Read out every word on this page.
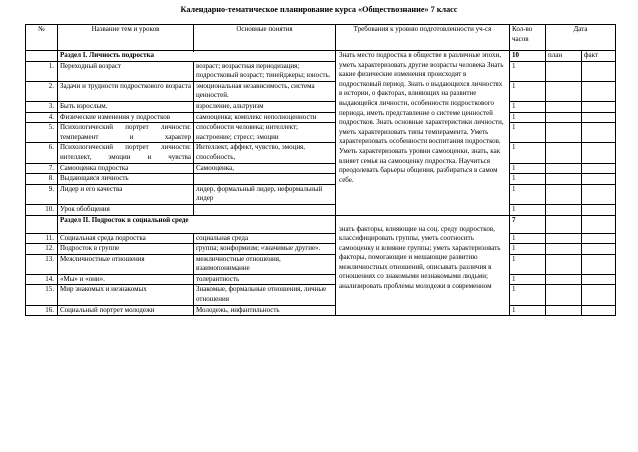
Календарно-тематическое планирование курса «Обществознание» 7 класс
№	Название тем и уроков	Основные понятия	Требования к уровню подготовленности уч-ся	Кол-во часов	Дата	

	Раздел I. Личность подростка		Знать место подростка в обществе в различные эпохи, уметь характеризовать другие возрасты человека Знать какие физические изменения происходят в подростковый период. Знать о выдающихся личностях в истории, о факторах, влияющих на развитие выдающейся личности, особенности подросткового периода, иметь представление о системе ценностей подростков. Знать основные характеристики личности, уметь характеризовать типы темперамента. Уметь характеризовать особенности воспитания подростков. Уметь характеризовать уровни самооценки, знать, как влияет семья на самооценку подростка. Научиться преодолевать барьеры общения, разбираться в самом себе.	10	план	факт
1.	Переходный возраст	возраст; возрастная периодизация; подростковый возраст; тинейджеры; юность.		1		
2.	Задачи и трудности подросткового возраста	эмоциональная независимость, система ценностей.		1		
3.	Быть взрослым.	взросление, альтруизм		1		
4.	Физические изменения у подростков	самооценка; комплекс неполноценности		1		
5.	Психологический портрет личности: темперамент и характер	способности человека; интеллект; настроение; стресс; эмоции		1		
6.	Психологический портрет личности: интеллект, эмоции и чувства	Интеллект, аффект, чувство, эмоция, способность,		1		
7.	Самооценка подростка	Самооценка,		1		
8.	Выдающаяся личность			1		
9.	Лидер и его качества	лидер, формальный лидер, неформальный лидер		1		
10.	Урок обобщения			1		
	Раздел II. Подросток в социальной среде		знать факторы, влияющие на соц. среду подростков, классифицировать группы, уметь соотносить самооценку и влияние группы; уметь характеризовать факторы, помогающие и мешающие развитию межличностных отношений, описывать различия в отношениях со знакомыми незнакомыми людьми; анализировать проблемы молодежи в современном	7		
11.	Социальная среда подростка	социальная среда		1		
12.	Подросток в группе	группа; конформизм; «значимые другие».		1		
13.	Межличностные отношения	межличностные отношения, взаимопонимание		1		
14.	«Мы» и «они».	толерантность		1		
15.	Мир знакомых и незнакомых	Знакомые, формальные отношения, личные отношения		1		
16.	Социальный портрет молодежи	Молодежь, инфантильность		1		
